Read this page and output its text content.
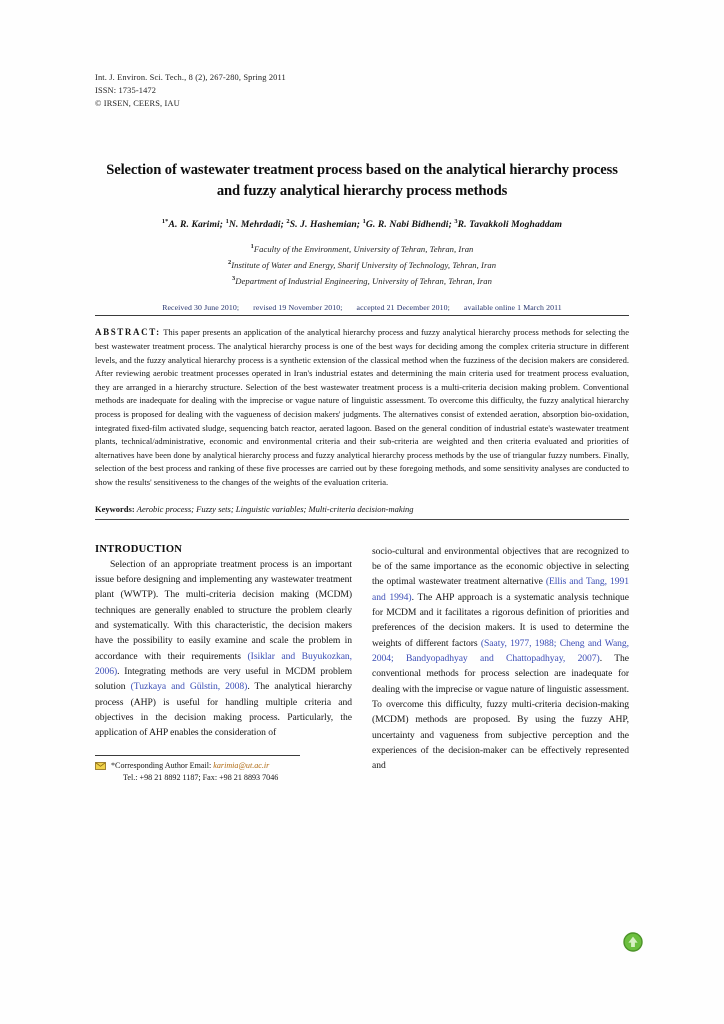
Int. J. Environ. Sci. Tech., 8 (2), 267-280, Spring 2011
ISSN: 1735-1472
© IRSEN, CEERS, IAU
Selection of wastewater treatment process based on the analytical hierarchy process and fuzzy analytical hierarchy process methods
$^{1*}$A. R. Karimi; $^1$N. Mehrdadi; $^2$S. J. Hashemian; $^1$G. R. Nabi Bidhendi; $^3$R. Tavakkoli Moghaddam
$^1$Faculty of the Environment, University of Tehran, Tehran, Iran
$^2$Institute of Water and Energy, Sharif University of Technology, Tehran, Iran
$^3$Department of Industrial Engineering, University of Tehran, Tehran, Iran
Received 30 June 2010; revised 19 November 2010; accepted 21 December 2010; available online 1 March 2011
ABSTRACT: This paper presents an application of the analytical hierarchy process and fuzzy analytical hierarchy process methods for selecting the best wastewater treatment process. The analytical hierarchy process is one of the best ways for deciding among the complex criteria structure in different levels, and the fuzzy analytical hierarchy process is a synthetic extension of the classical method when the fuzziness of the decision makers are considered. After reviewing aerobic treatment processes operated in Iran's industrial estates and determining the main criteria used for treatment process evaluation, they are arranged in a hierarchy structure. Selection of the best wastewater treatment process is a multi-criteria decision making problem. Conventional methods are inadequate for dealing with the imprecise or vague nature of linguistic assessment. To overcome this difficulty, the fuzzy analytical hierarchy process is proposed for dealing with the vagueness of decision makers' judgments. The alternatives consist of extended aeration, absorption bio-oxidation, integrated fixed-film activated sludge, sequencing batch reactor, aerated lagoon. Based on the general condition of industrial estate's wastewater treatment plants, technical/administrative, economic and environmental criteria and their sub-criteria are weighted and then criteria evaluated and priorities of alternatives have been done by analytical hierarchy process and fuzzy analytical hierarchy process methods by the use of triangular fuzzy numbers. Finally, selection of the best process and ranking of these five processes are carried out by these foregoing methods, and some sensitivity analyses are conducted to show the results' sensitiveness to the changes of the weights of the evaluation criteria.
Keywords: Aerobic process; Fuzzy sets; Linguistic variables; Multi-criteria decision-making
INTRODUCTION
Selection of an appropriate treatment process is an important issue before designing and implementing any wastewater treatment plant (WWTP). The multi-criteria decision making (MCDM) techniques are generally enabled to structure the problem clearly and systematically. With this characteristic, the decision makers have the possibility to easily examine and scale the problem in accordance with their requirements (Isiklar and Buyukozkan, 2006). Integrating methods are very useful in MCDM problem solution (Tuzkaya and Gülstin, 2008). The analytical hierarchy process (AHP) is useful for handling multiple criteria and objectives in the decision making process. Particularly, the application of AHP enables the consideration of
*Corresponding Author Email: karimia@ut.ac.ir
Tel.: +98 21 8892 1187; Fax: +98 21 8893 7046
socio-cultural and environmental objectives that are recognized to be of the same importance as the economic objective in selecting the optimal wastewater treatment alternative (Ellis and Tang, 1991 and 1994). The AHP approach is a systematic analysis technique for MCDM and it facilitates a rigorous definition of priorities and preferences of the decision makers. It is used to determine the weights of different factors (Saaty, 1977, 1988; Cheng and Wang, 2004; Bandyopadhyay and Chattopadhyay, 2007). The conventional methods for process selection are inadequate for dealing with the imprecise or vague nature of linguistic assessment. To overcome this difficulty, fuzzy multi-criteria decision-making (MCDM) methods are proposed. By using the fuzzy AHP, uncertainty and vagueness from subjective perception and the experiences of the decision-maker can be effectively represented and
